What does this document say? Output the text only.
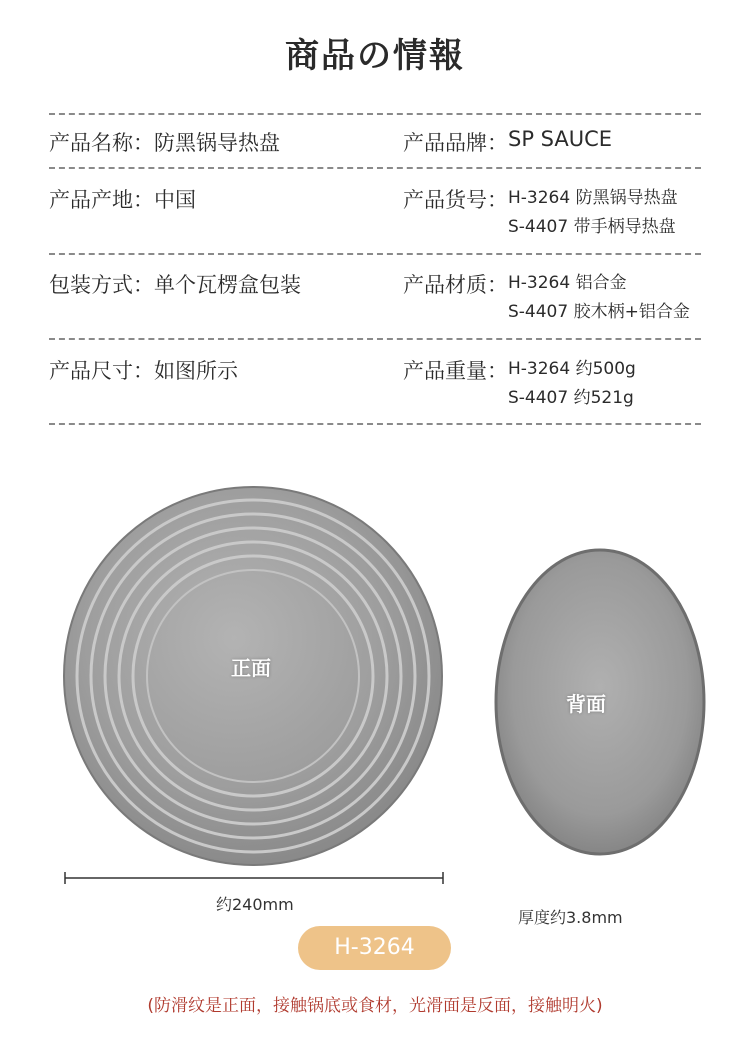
商品の情報
产品名称：防黑锅导热盘	产品品牌：SP SAUCE
产品产地：中国	产品货号： H-3264 防黑锅导热盘
S-4407 带手柄导热盘
包装方式：单个瓦楞盒包装	产品材质： H-3264 铝合金
S-4407 胶木柄+铝合金
产品尺寸：如图所示	产品重量： H-3264 约500g
S-4407 约521g
正面
背面
约240mm
厚度约3.8mm
H-3264
(防滑纹是正面，接触锅底或食材，光滑面是反面，接触明火)
